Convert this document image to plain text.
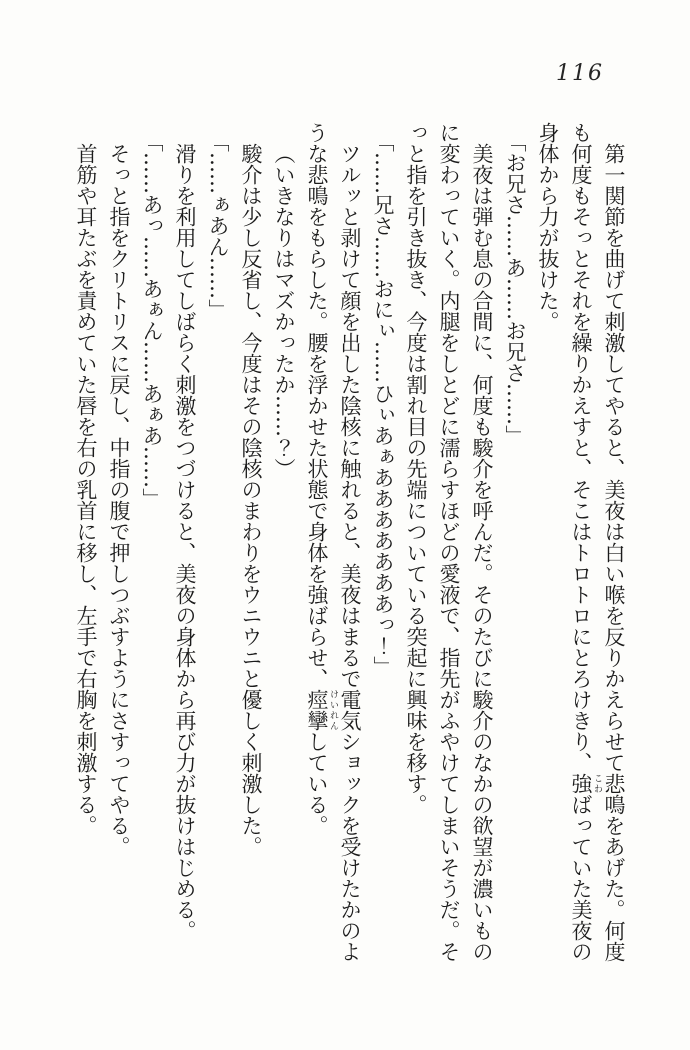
116

第一関節を曲げて刺激してやると、美夜は白い喉を反りかえらせて悲鳴をあげた。何度も何度もそっとそれを繰りかえすと、そこはトロトロにとろけきり、強 こわばっていた美夜の身体から力が抜けた。

「お兄さ……あ……お兄さ……」

美夜は弾む息の合間に、何度も駿介を呼んだ。そのたびに駿介のなかの欲望が濃いものに変わっていく。内腿をしとどに濡らすほどの愛液で、指先がふやけてしまいそうだ。そっと指を引き抜き、今度は割れ目の先端についている突起に興味を移す。

「……兄さ……おにぃ……ひぃあぁあああああああっ！」

ツルッと剥けて顔を出した陰核に触れると、美夜はまるで電気ショックを受けたかのような悲鳴をもらした。腰を浮かせた状態で身体を強ばらせ、痙攣 けいれんしている。

（いきなりはマズかったか……？）

駿介は少し反省し、今度はその陰核のまわりをウニウニと優しく刺激した。

「……ぁあん……」

滑りを利用してしばらく刺激をつづけると、美夜の身体から再び力が抜けはじめる。

「……あっ……あぁん……あぁあ……」

そっと指をクリトリスに戻し、中指の腹で押しつぶすようにさすってやる。

首筋や耳たぶを責めていた唇を右の乳首に移し、左手で右胸を刺激する。
